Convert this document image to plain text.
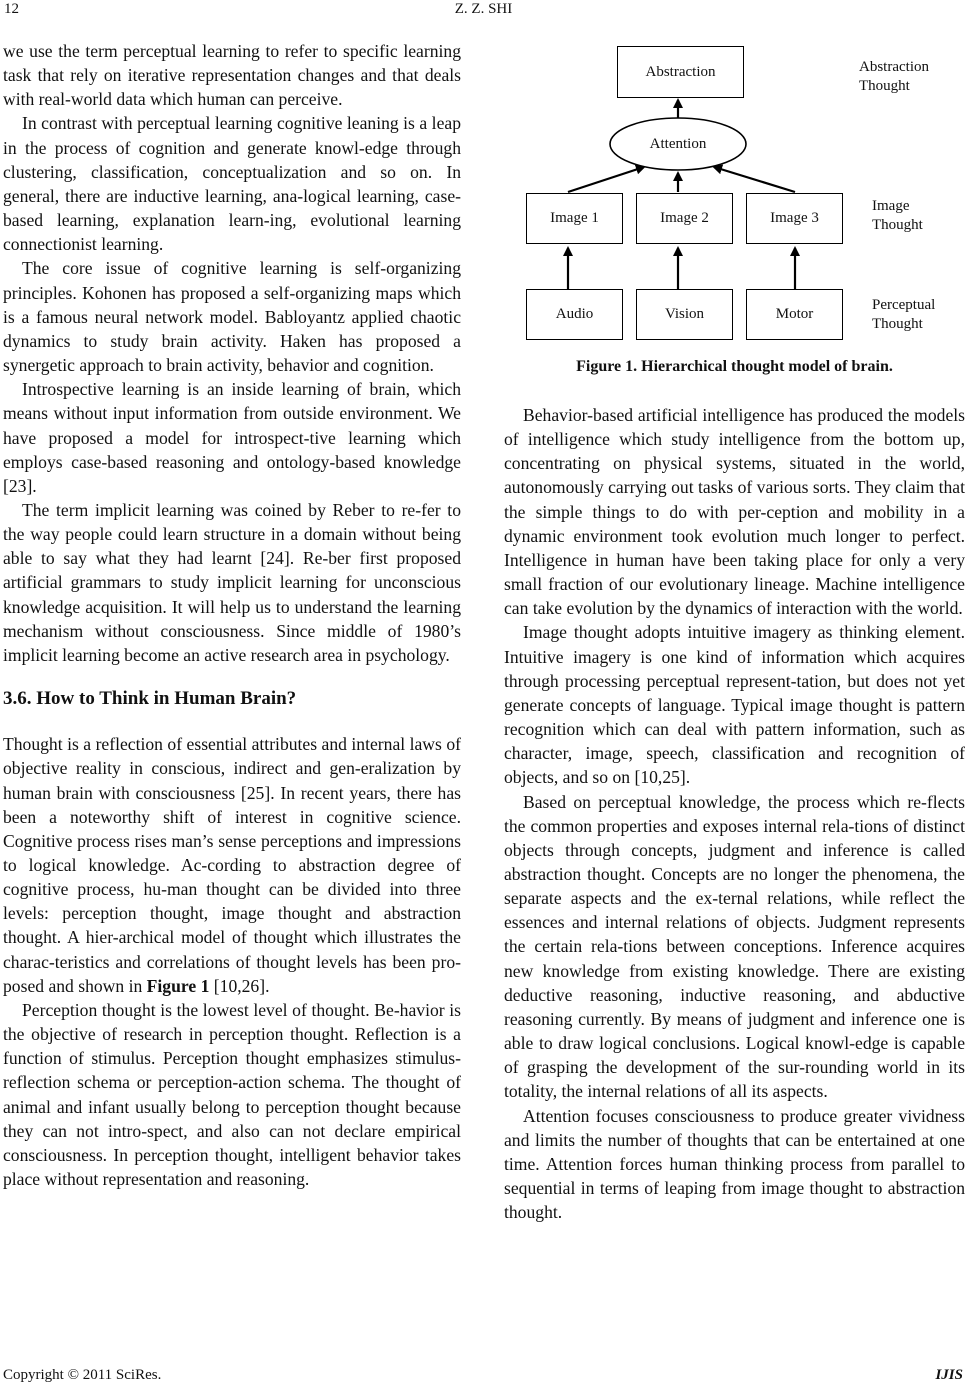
12	Z. Z. SHI

we use the term perceptual learning to refer to specific learning task that rely on iterative representation changes and that deals with real-world data which human can perceive.

In contrast with perceptual learning cognitive leaning is a leap in the process of cognition and generate knowl-edge through clustering, classification, conceptualization and so on. In general, there are inductive learning, ana-logical learning, case-based learning, explanation learn-ing, evolutional learning connectionist learning.

The core issue of cognitive learning is self-organizing principles. Kohonen has proposed a self-organizing maps which is a famous neural network model. Babloyantz applied chaotic dynamics to study brain activity. Haken has proposed a synergetic approach to brain activity, behavior and cognition.

Introspective learning is an inside learning of brain, which means without input information from outside environment. We have proposed a model for introspect-tive learning which employs case-based reasoning and ontology-based knowledge [23].

The term implicit learning was coined by Reber to re-fer to the way people could learn structure in a domain without being able to say what they had learnt [24]. Re-ber first proposed artificial grammars to study implicit learning for unconscious knowledge acquisition. It will help us to understand the learning mechanism without consciousness. Since middle of 1980’s implicit learning become an active research area in psychology.

3.6. How to Think in Human Brain?

Thought is a reflection of essential attributes and internal laws of objective reality in conscious, indirect and gen-eralization by human brain with consciousness [25]. In recent years, there has been a noteworthy shift of interest in cognitive science. Cognitive process rises man’s sense perceptions and impressions to logical knowledge. Ac-cording to abstraction degree of cognitive process, hu-man thought can be divided into three levels: perception thought, image thought and abstraction thought. A hier-archical model of thought which illustrates the charac-teristics and correlations of thought levels has been pro-posed and shown in Figure 1 [10,26].

Perception thought is the lowest level of thought. Be-havior is the objective of research in perception thought. Reflection is a function of stimulus. Perception thought emphasizes stimulus-reflection schema or perception-action schema. The thought of animal and infant usually belong to perception thought because they can not intro-spect, and also can not declare empirical consciousness. In perception thought, intelligent behavior takes place without representation and reasoning.

Abstraction
Attention
Image 1	Image 2	Image 3
Audio	Vision	Motor
Abstraction
Thought
Image
Thought
Perceptual
Thought
Figure 1. Hierarchical thought model of brain.

Behavior-based artificial intelligence has produced the models of intelligence which study intelligence from the bottom up, concentrating on physical systems, situated in the world, autonomously carrying out tasks of various sorts. They claim that the simple things to do with per-ception and mobility in a dynamic environment took evolution much longer to perfect. Intelligence in human have been taking place for only a very small fraction of our evolutionary lineage. Machine intelligence can take evolution by the dynamics of interaction with the world.

Image thought adopts intuitive imagery as thinking element. Intuitive imagery is one kind of information which acquires through processing perceptual represent-tation, but does not yet generate concepts of language. Typical image thought is pattern recognition which can deal with pattern information, such as character, image, speech, classification and recognition of objects, and so on [10,25].

Based on perceptual knowledge, the process which re-flects the common properties and exposes internal rela-tions of distinct objects through concepts, judgment and inference is called abstraction thought. Concepts are no longer the phenomena, the separate aspects and the ex-ternal relations, while reflect the essences and internal relations of objects. Judgment represents the certain rela-tions between conceptions. Inference acquires new knowledge from existing knowledge. There are existing deductive reasoning, inductive reasoning, and abductive reasoning currently. By means of judgment and inference one is able to draw logical conclusions. Logical knowl-edge is capable of grasping the development of the sur-rounding world in its totality, the internal relations of all its aspects.

Attention focuses consciousness to produce greater vividness and limits the number of thoughts that can be entertained at one time. Attention forces human thinking process from parallel to sequential in terms of leaping from image thought to abstraction thought.

Copyright © 2011 SciRes.	IJIS
